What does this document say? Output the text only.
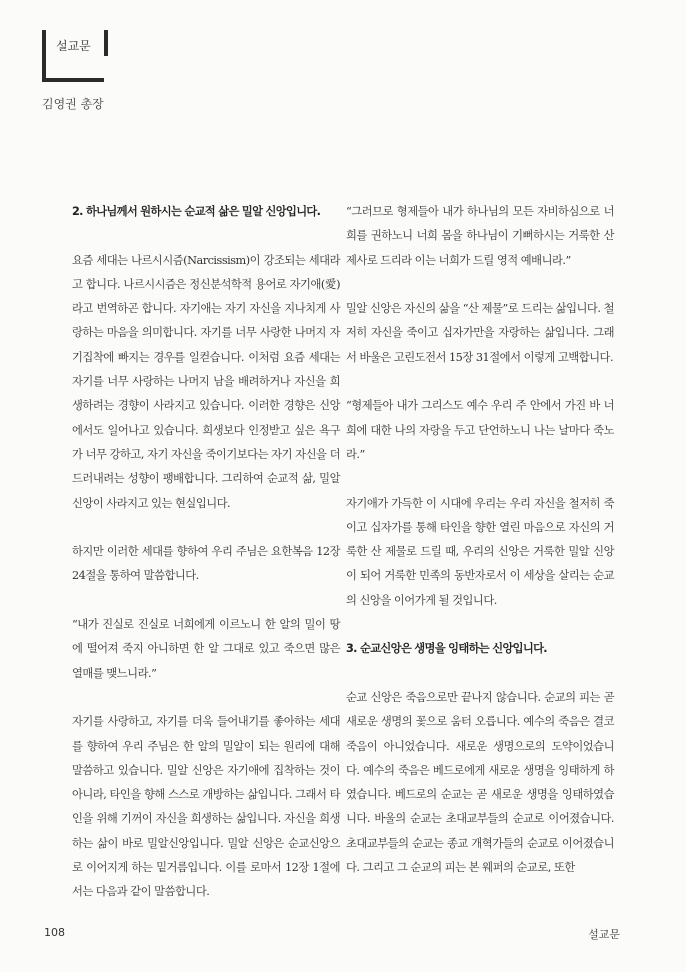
설교문
김영권 총장

2. 하나님께서 원하시는 순교적 삶은 밀알 신앙입니다.

요즘 세대는 나르시시즘(Narcissism)이 강조되는 세대라고 합니다. 나르시시즘은 정신분석학적 용어로 자기애(愛)라고 번역하곤 합니다. 자기애는 자기 자신을 지나치게 사랑하는 마음을 의미합니다. 자기를 너무 사랑한 나머지 자기집착에 빠지는 경우를 일컫습니다. 이처럼 요즘 세대는 자기를 너무 사랑하는 나머지 남을 배려하거나 자신을 희생하려는 경향이 사라지고 있습니다. 이러한 경향은 신앙에서도 일어나고 있습니다. 희생보다 인정받고 싶은 욕구가 너무 강하고, 자기 자신을 죽이기보다는 자기 자신을 더 드러내려는 성향이 팽배합니다. 그리하여 순교적 삶, 밀알 신앙이 사라지고 있는 현실입니다.

하지만 이러한 세대를 향하여 우리 주님은 요한복음 12장 24절을 통하여 말씀합니다.

“내가 진실로 진실로 너희에게 이르노니 한 알의 밀이 땅에 떨어져 죽지 아니하면 한 알 그대로 있고 죽으면 많은 열매를 맺느니라.”

자기를 사랑하고, 자기를 더욱 들어내기를 좋아하는 세대를 향하여 우리 주님은 한 알의 밀알이 되는 원리에 대해 말씀하고 있습니다. 밀알 신앙은 자기애에 집착하는 것이 아니라, 타인을 향해 스스로 개방하는 삶입니다. 그래서 타인을 위해 기꺼이 자신을 희생하는 삶입니다. 자신을 희생하는 삶이 바로 밀알신앙입니다. 밀알 신앙은 순교신앙으로 이어지게 하는 밑거름입니다. 이를 로마서 12장 1절에서는 다음과 같이 말씀합니다.

“그러므로 형제들아 내가 하나님의 모든 자비하심으로 너희를 권하노니 너희 몸을 하나님이 기뻐하시는 거룩한 산 제사로 드리라 이는 너희가 드릴 영적 예배니라.”

밀알 신앙은 자신의 삶을 “산 제물”로 드리는 삶입니다. 철저히 자신을 죽이고 십자가만을 자랑하는 삶입니다. 그래서 바울은 고린도전서 15장 31절에서 이렇게 고백합니다.

“형제들아 내가 그리스도 예수 우리 주 안에서 가진 바 너희에 대한 나의 자랑을 두고 단언하노니 나는 날마다 죽노라.”

자기애가 가득한 이 시대에 우리는 우리 자신을 철저히 죽이고 십자가를 통해 타인을 향한 열린 마음으로 자신의 거룩한 산 제물로 드릴 때, 우리의 신앙은 거룩한 밀알 신앙이 되어 거룩한 민족의 동반자로서 이 세상을 살리는 순교의 신앙을 이어가게 될 것입니다.

3. 순교신앙은 생명을 잉태하는 신앙입니다.

순교 신앙은 죽음으로만 끝나지 않습니다. 순교의 피는 곧 새로운 생명의 꽃으로 움터 오릅니다. 예수의 죽음은 결코 죽음이 아니었습니다. 새로운 생명으로의 도약이었습니다. 예수의 죽음은 베드로에게 새로운 생명을 잉태하게 하였습니다. 베드로의 순교는 곧 새로운 생명을 잉태하였습니다. 바울의 순교는 초대교부들의 순교로 이어졌습니다. 초대교부들의 순교는 종교 개혁가들의 순교로 이어졌습니다. 그리고 그 순교의 피는 본 웨퍼의 순교로, 또한

108	설교문
